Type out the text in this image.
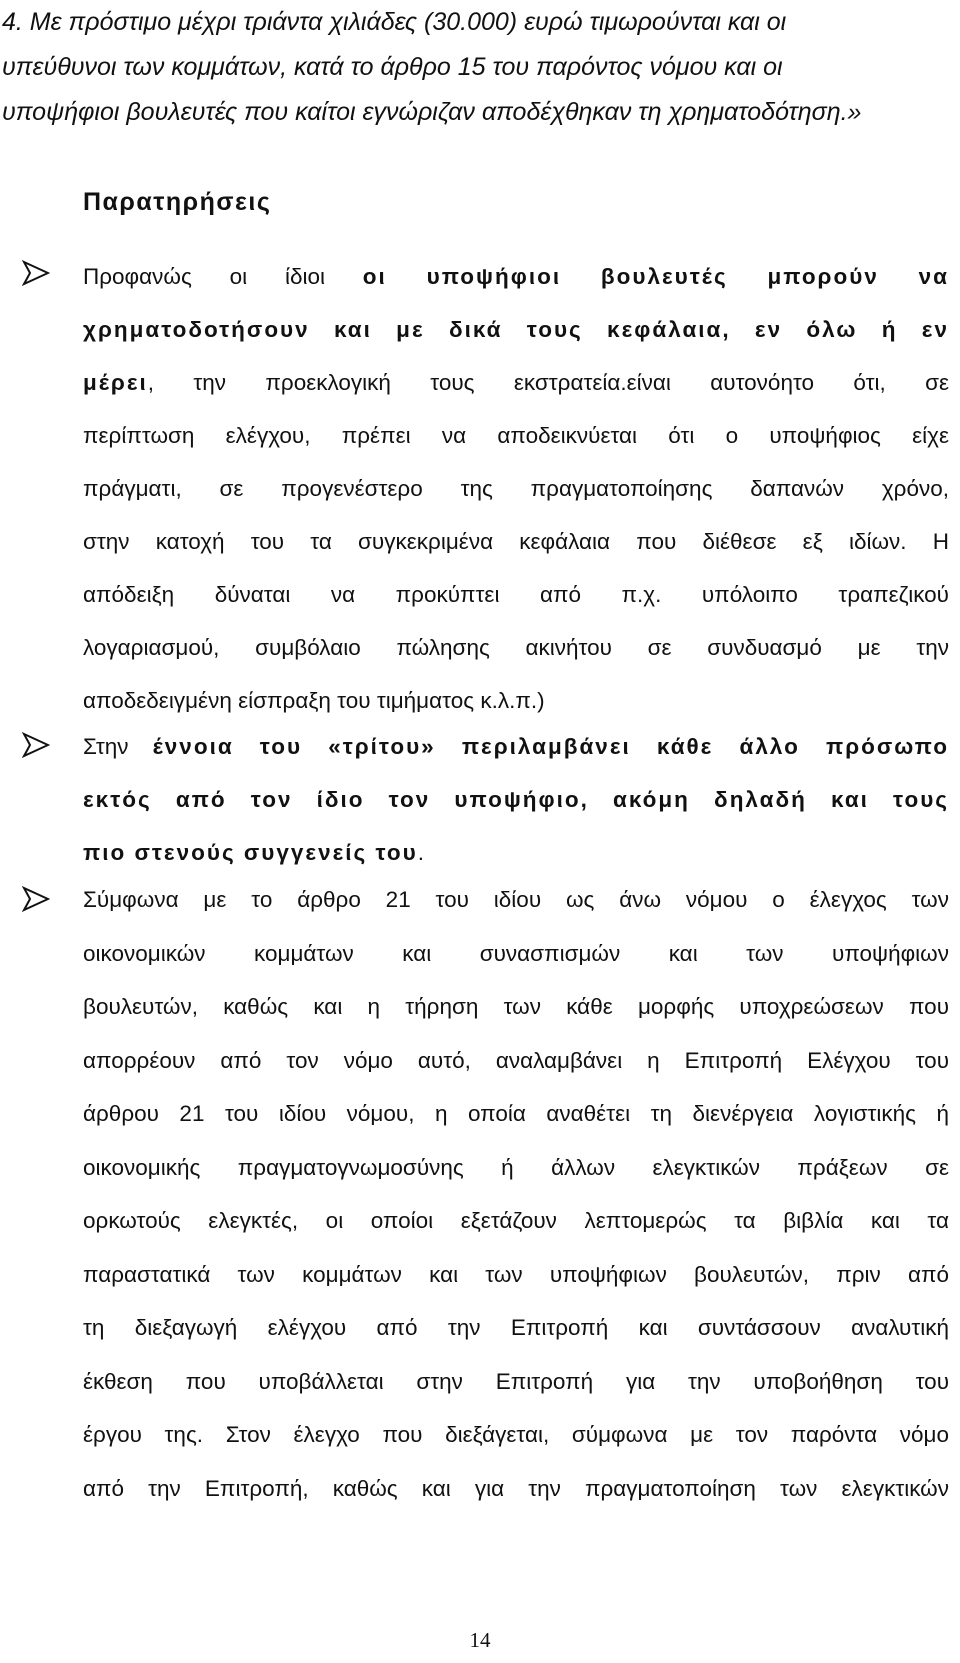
4. Με πρόστιμο μέχρι τριάντα χιλιάδες (30.000) ευρώ τιμωρούνται και οι
υπεύθυνοι των κομμάτων, κατά το άρθρο 15 του παρόντος νόμου και οι
υποψήφιοι βουλευτές που καίτοι εγνώριζαν αποδέχθηκαν τη χρηματοδότηση.»

Παρατηρήσεις
Προφανώς οι ίδιοι οι υποψήφιοι βουλευτές μπορούν να
χρηματοδοτήσουν και με δικά τους κεφάλαια, εν όλω ή εν
μέρει, την προεκλογική τους εκστρατεία.είναι αυτονόητο ότι, σε
περίπτωση ελέγχου, πρέπει να αποδεικνύεται ότι ο υποψήφιος είχε
πράγματι, σε προγενέστερο της πραγματοποίησης δαπανών χρόνο,
στην κατοχή του τα συγκεκριμένα κεφάλαια που διέθεσε εξ ιδίων. Η
απόδειξη δύναται να προκύπτει από π.χ. υπόλοιπο τραπεζικού
λογαριασμού, συμβόλαιο πώλησης ακινήτου σε συνδυασμό με την
αποδεδειγμένη είσπραξη του τιμήματος κ.λ.π.)
Στην έννοια του «τρίτου» περιλαμβάνει κάθε άλλο πρόσωπο
εκτός από τον ίδιο τον υποψήφιο, ακόμη δηλαδή και τους
πιο στενούς συγγενείς του.
Σύμφωνα με το άρθρο 21 του ιδίου ως άνω νόμου ο έλεγχος των
οικονομικών κομμάτων και συνασπισμών και των υποψήφιων
βουλευτών, καθώς και η τήρηση των κάθε μορφής υποχρεώσεων που
απορρέουν από τον νόμο αυτό, αναλαμβάνει η Επιτροπή Ελέγχου του
άρθρου 21 του ιδίου νόμου, η οποία αναθέτει τη διενέργεια λογιστικής ή
οικονομικής πραγματογνωμοσύνης ή άλλων ελεγκτικών πράξεων σε
ορκωτούς ελεγκτές, οι οποίοι εξετάζουν λεπτομερώς τα βιβλία και τα
παραστατικά των κομμάτων και των υποψήφιων βουλευτών, πριν από
τη διεξαγωγή ελέγχου από την Επιτροπή και συντάσσουν αναλυτική
έκθεση που υποβάλλεται στην Επιτροπή για την υποβοήθηση του
έργου της. Στον έλεγχο που διεξάγεται, σύμφωνα με τον παρόντα νόμο
από την Επιτροπή, καθώς και για την πραγματοποίηση των ελεγκτικών

14
